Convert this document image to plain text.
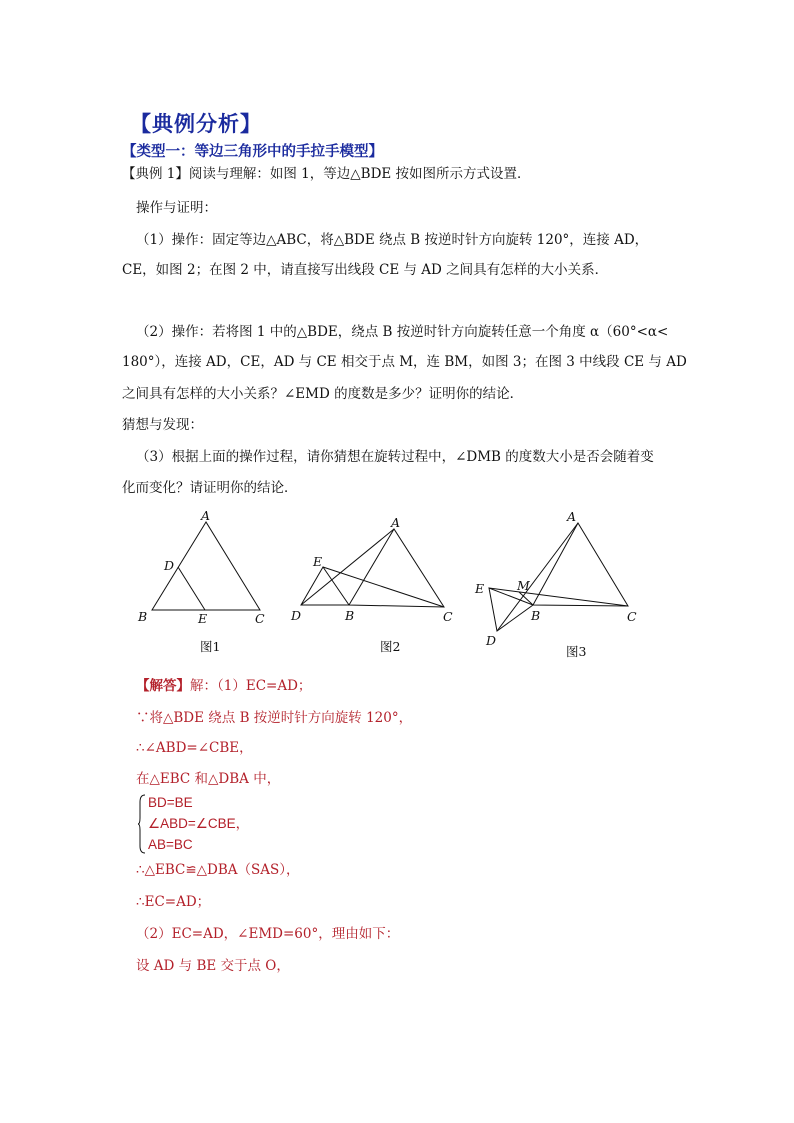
【典例分析】
【类型一：等边三角形中的手拉手模型】
【典例 1】阅读与理解：如图 1，等边△BDE 按如图所示方式设置．
操作与证明：
（1）操作：固定等边△ABC，将△BDE 绕点 B 按逆时针方向旋转 120°，连接 AD，
CE，如图 2；在图 2 中，请直接写出线段 CE 与 AD 之间具有怎样的大小关系．
（2）操作：若将图 1 中的△BDE，绕点 B 按逆时针方向旋转任意一个角度 α（60°<α<
180°），连接 AD，CE，AD 与 CE 相交于点 M，连 BM，如图 3；在图 3 中线段 CE 与 AD
之间具有怎样的大小关系？∠EMD 的度数是多少？证明你的结论．
猜想与发现：
（3）根据上面的操作过程，请你猜想在旋转过程中，∠DMB 的度数大小是否会随着变
化而变化？请证明你的结论．
A
D
B	E	C
图1
A
E
D	B	C
图2
A
E	M
B	C
D
图3
【解答】解：（1）EC=AD；
∵将△BDE 绕点 B 按逆时针方向旋转 120°，
∴∠ABD=∠CBE，
在△EBC 和△DBA 中，
BD=BE
∠ABD=∠CBE，
AB=BC
∴△EBC≌△DBA（SAS），
∴EC=AD；
（2）EC=AD，∠EMD=60°，理由如下：
设 AD 与 BE 交于点 O，
